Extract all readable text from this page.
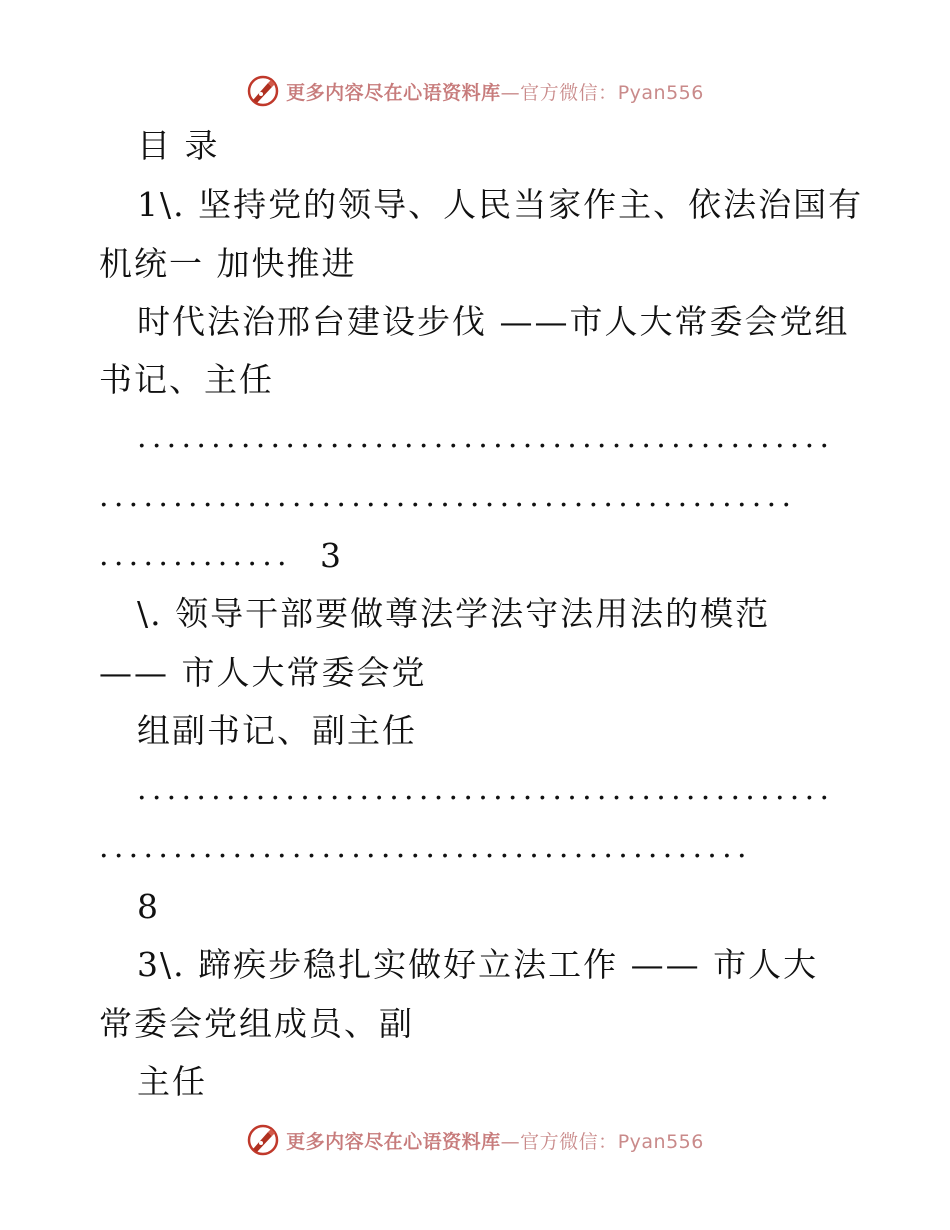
更多内容尽在心语资料库—官方微信：Pyan556
目 录
1\. 坚持党的领导、人民当家作主、依法治国有
机统一 加快推进
时代法治邢台建设步伐 ——市人大常委会党组
书记、主任
...............................................
...............................................
............. 3
\. 领导干部要做尊法学法守法用法的模范
—— 市人大常委会党
组副书记、副主任
...............................................
............................................
8
3\. 蹄疾步稳扎实做好立法工作 —— 市人大
常委会党组成员、副
主任
更多内容尽在心语资料库—官方微信：Pyan556
